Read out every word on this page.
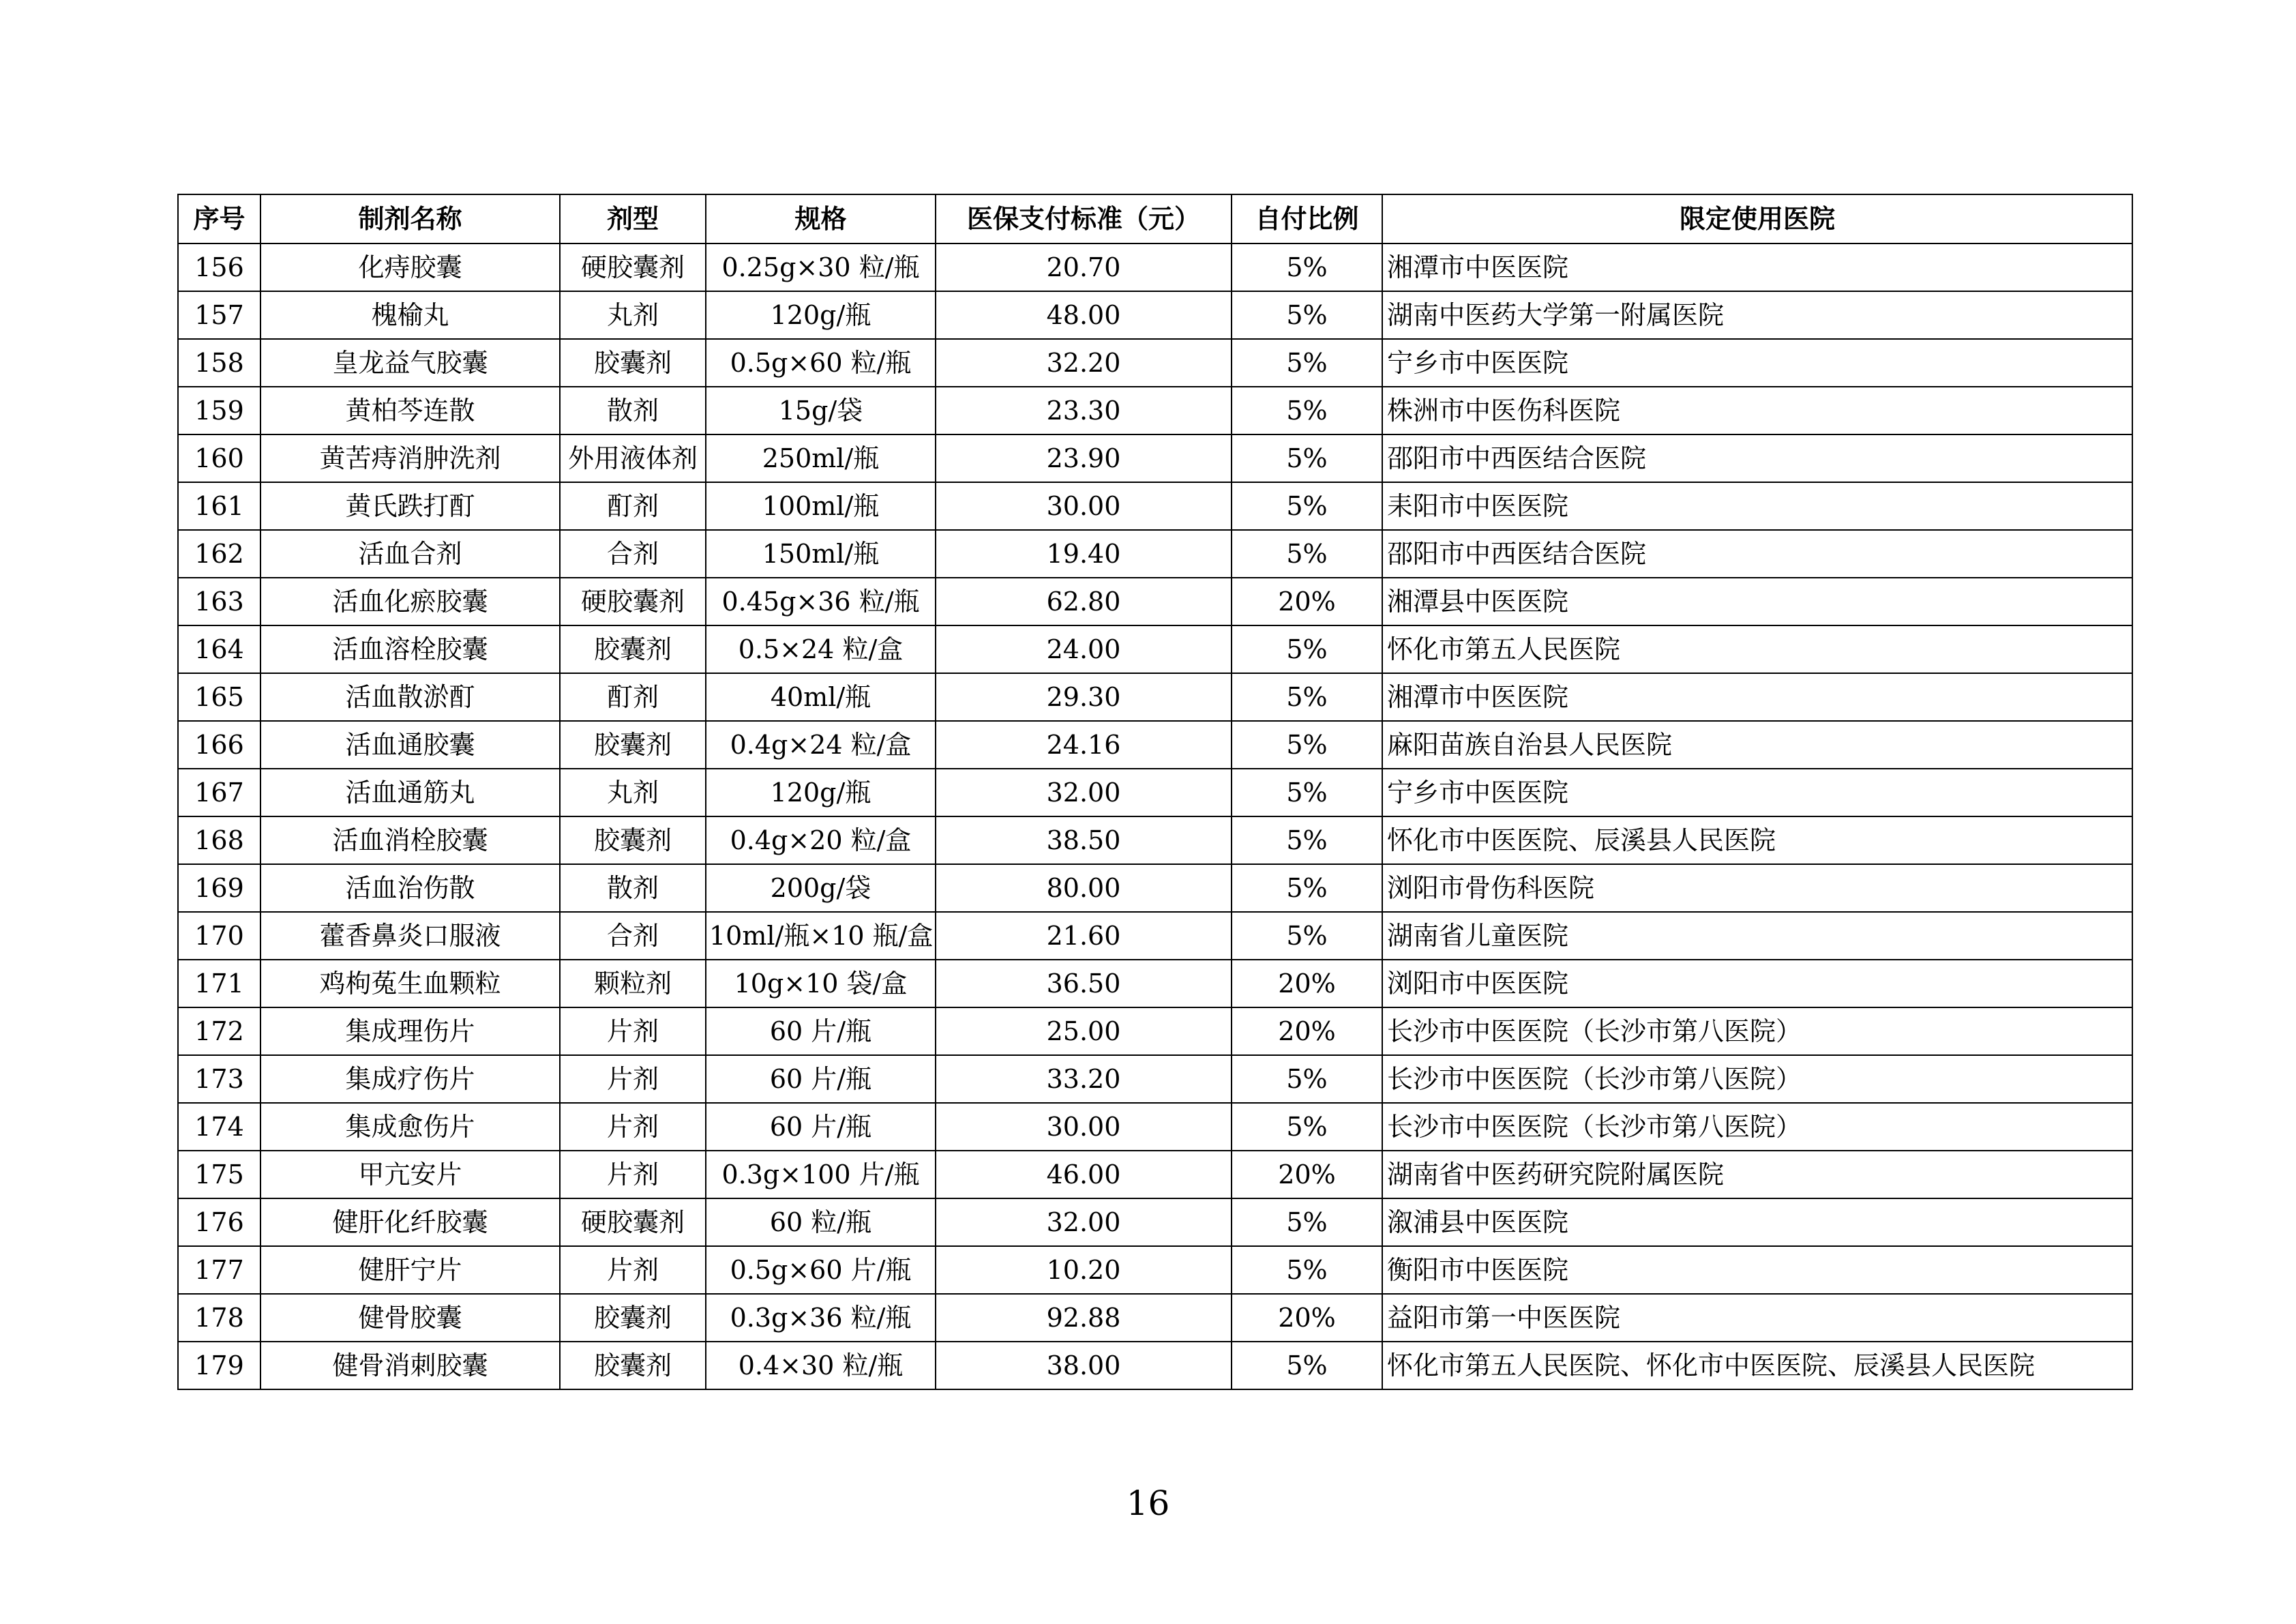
序号	制剂名称	剂型	规格	医保支付标准（元）	自付比例	限定使用医院
156	化痔胶囊	硬胶囊剂	0.25g×30 粒/瓶	20.70	5%	湘潭市中医医院
157	槐榆丸	丸剂	120g/瓶	48.00	5%	湖南中医药大学第一附属医院
158	皇龙益气胶囊	胶囊剂	0.5g×60 粒/瓶	32.20	5%	宁乡市中医医院
159	黄柏芩连散	散剂	15g/袋	23.30	5%	株洲市中医伤科医院
160	黄苦痔消肿洗剂	外用液体剂	250ml/瓶	23.90	5%	邵阳市中西医结合医院
161	黄氏跌打酊	酊剂	100ml/瓶	30.00	5%	耒阳市中医医院
162	活血合剂	合剂	150ml/瓶	19.40	5%	邵阳市中西医结合医院
163	活血化瘀胶囊	硬胶囊剂	0.45g×36 粒/瓶	62.80	20%	湘潭县中医医院
164	活血溶栓胶囊	胶囊剂	0.5×24 粒/盒	24.00	5%	怀化市第五人民医院
165	活血散淤酊	酊剂	40ml/瓶	29.30	5%	湘潭市中医医院
166	活血通胶囊	胶囊剂	0.4g×24 粒/盒	24.16	5%	麻阳苗族自治县人民医院
167	活血通筋丸	丸剂	120g/瓶	32.00	5%	宁乡市中医医院
168	活血消栓胶囊	胶囊剂	0.4g×20 粒/盒	38.50	5%	怀化市中医医院、辰溪县人民医院
169	活血治伤散	散剂	200g/袋	80.00	5%	浏阳市骨伤科医院
170	藿香鼻炎口服液	合剂	10ml/瓶×10 瓶/盒	21.60	5%	湖南省儿童医院
171	鸡枸菟生血颗粒	颗粒剂	10g×10 袋/盒	36.50	20%	浏阳市中医医院
172	集成理伤片	片剂	60 片/瓶	25.00	20%	长沙市中医医院（长沙市第八医院）
173	集成疗伤片	片剂	60 片/瓶	33.20	5%	长沙市中医医院（长沙市第八医院）
174	集成愈伤片	片剂	60 片/瓶	30.00	5%	长沙市中医医院（长沙市第八医院）
175	甲亢安片	片剂	0.3g×100 片/瓶	46.00	20%	湖南省中医药研究院附属医院
176	健肝化纤胶囊	硬胶囊剂	60 粒/瓶	32.00	5%	溆浦县中医医院
177	健肝宁片	片剂	0.5g×60 片/瓶	10.20	5%	衡阳市中医医院
178	健骨胶囊	胶囊剂	0.3g×36 粒/瓶	92.88	20%	益阳市第一中医医院
179	健骨消刺胶囊	胶囊剂	0.4×30 粒/瓶	38.00	5%	怀化市第五人民医院、怀化市中医医院、辰溪县人民医院
16
